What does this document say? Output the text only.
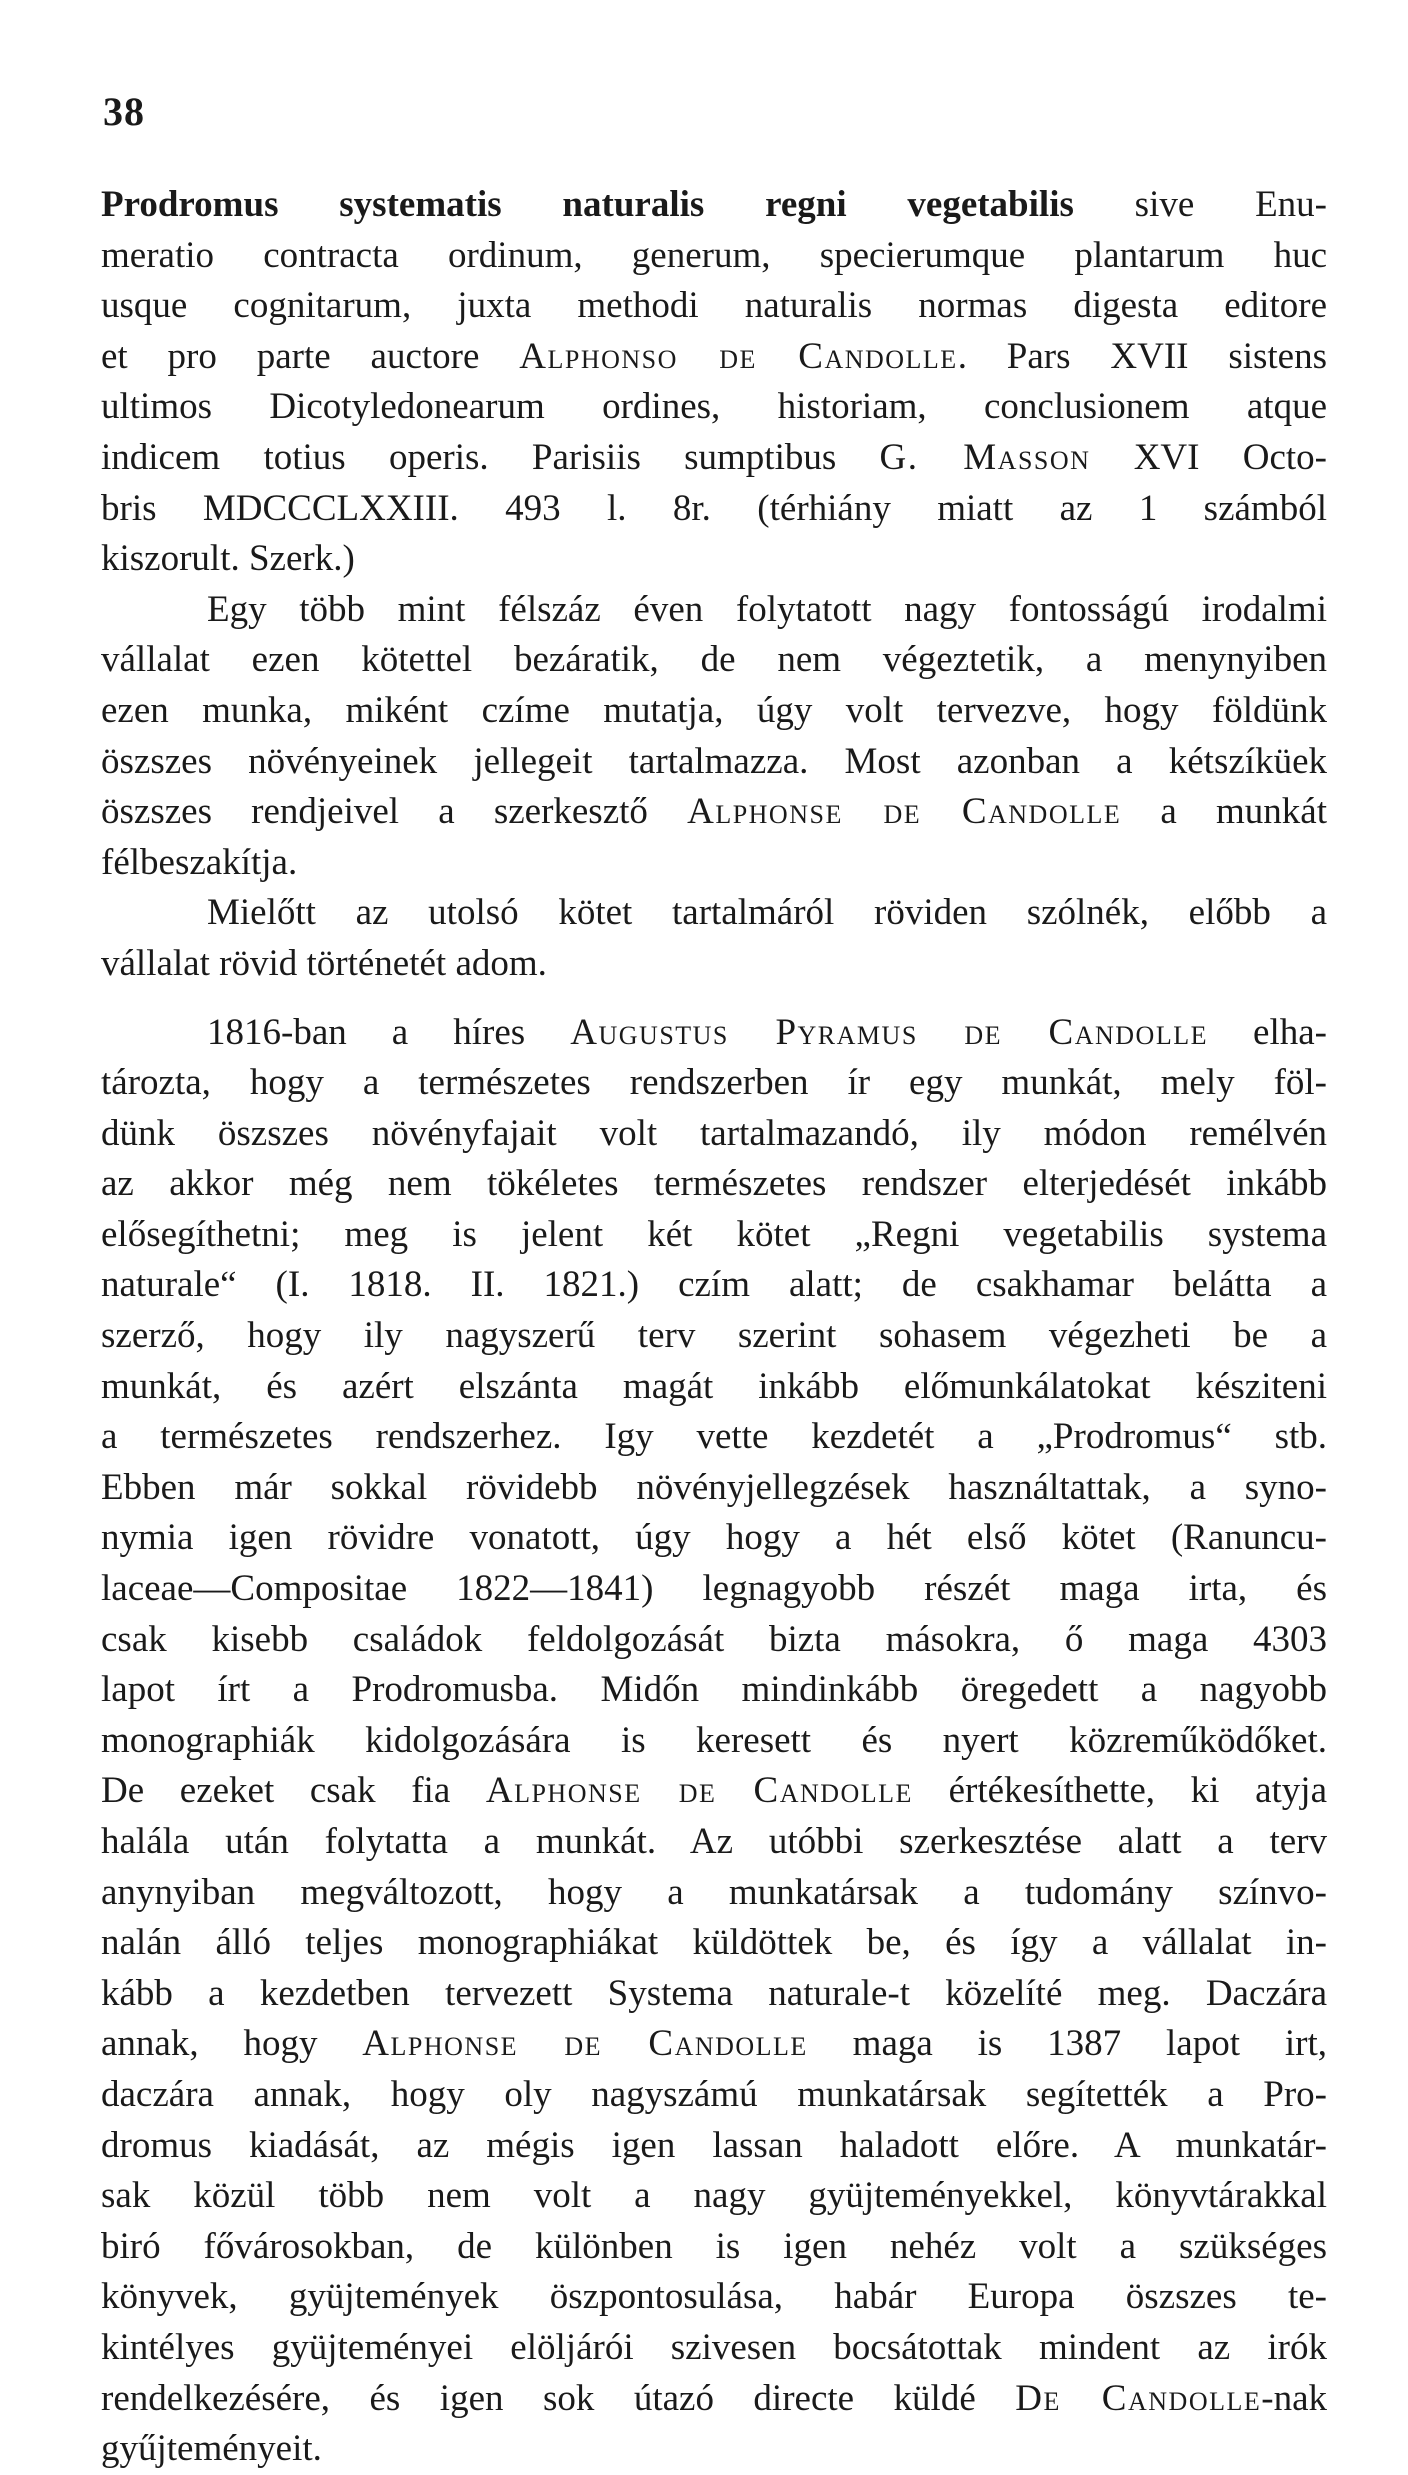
38
Prodromus systematis naturalis regni vegetabilis sive Enu-
meratio contracta ordinum, generum, specierumque plantarum huc
usque cognitarum, juxta methodi naturalis normas digesta editore
et pro parte auctore Alphonso de Candolle. Pars XVII sistens
ultimos Dicotyledonearum ordines, historiam, conclusionem atque
indicem totius operis. Parisiis sumptibus G. Masson XVI Octo-
bris MDCCCLXXIII. 493 l. 8r. (térhiány miatt az 1 számból
kiszorult. Szerk.)
Egy több mint félszáz éven folytatott nagy fontosságú irodalmi
vállalat ezen kötettel bezáratik, de nem végeztetik, a menynyiben
ezen munka, miként czíme mutatja, úgy volt tervezve, hogy földünk
öszszes növényeinek jellegeit tartalmazza. Most azonban a kétszíküek
öszszes rendjeivel a szerkesztő Alphonse de Candolle a munkát
félbeszakítja.
Mielőtt az utolsó kötet tartalmáról röviden szólnék, előbb a
vállalat rövid történetét adom.
1816-ban a híres Augustus Pyramus de Candolle elha-
tározta, hogy a természetes rendszerben ír egy munkát, mely föl-
dünk öszszes növényfajait volt tartalmazandó, ily módon remélvén
az akkor még nem tökéletes természetes rendszer elterjedését inkább
elősegíthetni; meg is jelent két kötet „Regni vegetabilis systema
naturale“ (I. 1818. II. 1821.) czím alatt; de csakhamar belátta a
szerző, hogy ily nagyszerű terv szerint sohasem végezheti be a
munkát, és azért elszánta magát inkább előmunkálatokat késziteni
a természetes rendszerhez. Igy vette kezdetét a „Prodromus“ stb.
Ebben már sokkal rövidebb növényjellegzések használtattak, a syno-
nymia igen rövidre vonatott, úgy hogy a hét első kötet (Ranuncu-
laceae—Compositae 1822—1841) legnagyobb részét maga irta, és
csak kisebb családok feldolgozását bizta másokra, ő maga 4303
lapot írt a Prodromusba. Midőn mindinkább öregedett a nagyobb
monographiák kidolgozására is keresett és nyert közreműködőket.
De ezeket csak fia Alphonse de Candolle értékesíthette, ki atyja
halála után folytatta a munkát. Az utóbbi szerkesztése alatt a terv
anynyiban megváltozott, hogy a munkatársak a tudomány színvo-
nalán álló teljes monographiákat küldöttek be, és így a vállalat in-
kább a kezdetben tervezett Systema naturale-t közelíté meg. Daczára
annak, hogy Alphonse de Candolle maga is 1387 lapot irt,
daczára annak, hogy oly nagyszámú munkatársak segítették a Pro-
dromus kiadását, az mégis igen lassan haladott előre. A munkatár-
sak közül több nem volt a nagy gyüjteményekkel, könyvtárakkal
biró fővárosokban, de különben is igen nehéz volt a szükséges
könyvek, gyüjtemények öszpontosulása, habár Europa öszszes te-
kintélyes gyüjteményei elöljárói szivesen bocsátottak mindent az irók
rendelkezésére, és igen sok útazó directe küldé De Candolle-nak
gyűjteményeit.
